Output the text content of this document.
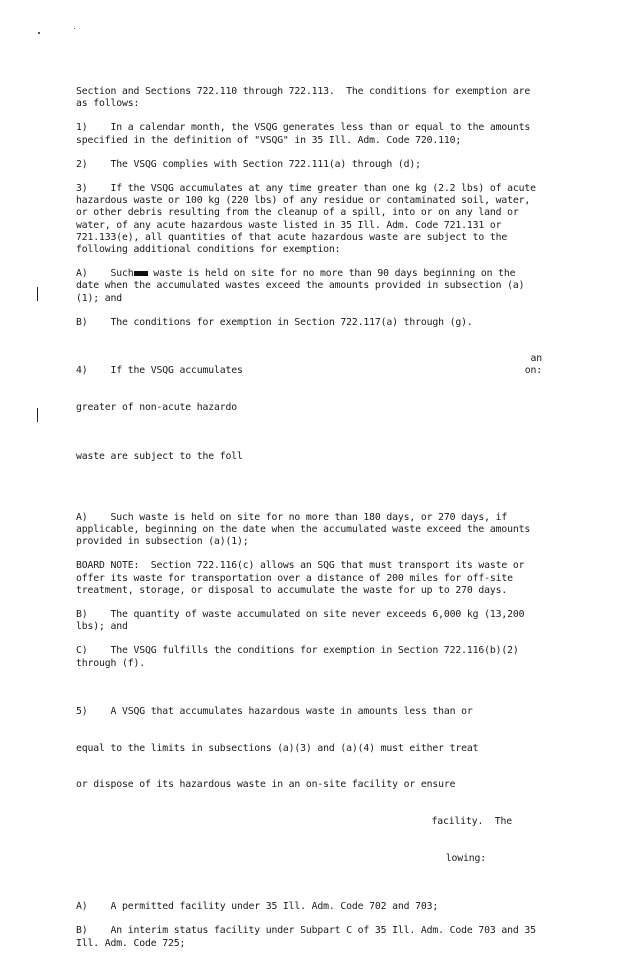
Section and Sections 722.110 through 722.113.  The conditions for exemption are as follows:

1)    In a calendar month, the VSQG generates less than or equal to the amounts specified in the definition of "VSQG" in 35 Ill. Adm. Code 720.110;

2)    The VSQG complies with Section 722.111(a) through (d);

3)    If the VSQG accumulates at any time greater than one kg (2.2 lbs) of acute hazardous waste or 100 kg (220 lbs) of any residue or contaminated soil, water, or other debris resulting from the cleanup of a spill, into or on any land or water, of any acute hazardous waste listed in 35 Ill. Adm. Code 721.131 or 721.133(e), all quantities of that acute hazardous waste are subject to the following additional conditions for exemption:

A)    Such waste is held on site for no more than 90 days beginning on the date when the accumulated wastes exceed the amounts provided in subsection (a)(1); and

B)    The conditions for exemption in Section 722.117(a) through (g).

4)    If the VSQG accumulates

greater of non-acute hazardo

an

waste are subject to the foll

on:

A)    Such waste is held on site for no more than 180 days, or 270 days, if applicable, beginning on the date when the accumulated waste exceed the amounts provided in subsection (a)(1);

BOARD NOTE:  Section 722.116(c) allows an SQG that must transport its waste or offer its waste for transportation over a distance of 200 miles for off-site treatment, storage, or disposal to accumulate the waste for up to 270 days.

B)    The quantity of waste accumulated on site never exceeds 6,000 kg (13,200 lbs); and

C)    The VSQG fulfills the conditions for exemption in Section 722.116(b)(2) through (f).

5)    A VSQG that accumulates hazardous waste in amounts less than or

equal to the limits in subsections (a)(3) and (a)(4) must either treat

or dispose of its hazardous waste in an on-site facility or ensure

facility.  The

lowing:

A)    A permitted facility under 35 Ill. Adm. Code 702 and 703;

B)    An interim status facility under Subpart C of 35 Ill. Adm. Code 703 and 35 Ill. Adm. Code 725;
